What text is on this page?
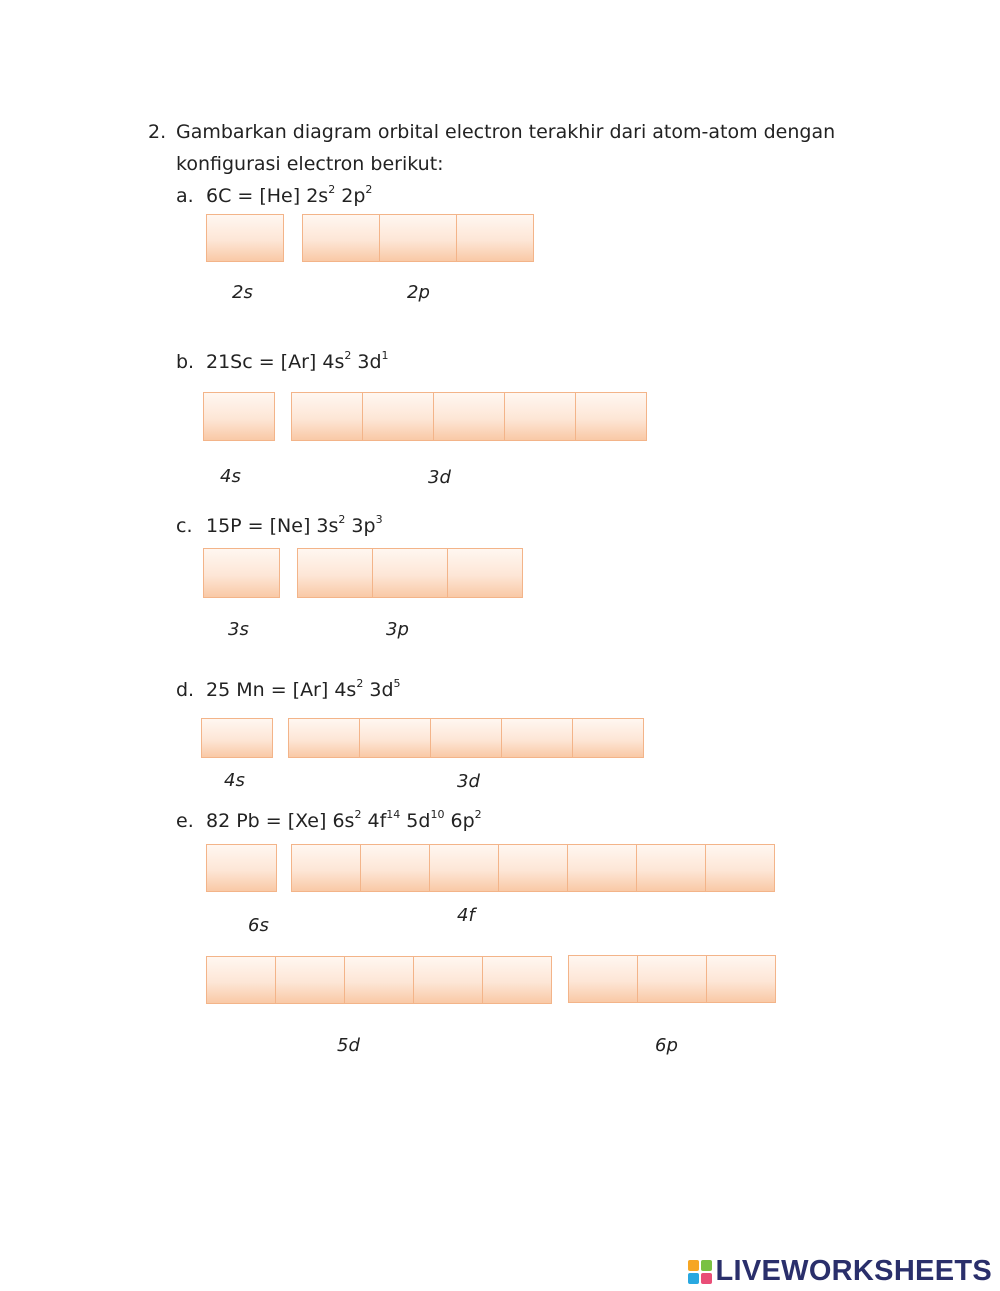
2. Gambarkan diagram orbital electron terakhir dari atom-atom dengan
konfigurasi electron berikut:
a. 6C = [He] $2s^2$ $2p^2$
2s	2p
b. 21Sc = [Ar] $4s^2$ $3d^1$
4s	3d
c. 15P = [Ne] $3s^2$ $3p^3$
3s	3p
d. 25 Mn = [Ar] $4s^2$ $3d^5$
4s	3d
e. 82 Pb = [Xe] $6s^2$ $4f^{14}$ $5d^{10}$ $6p^2$
6s	4f
5d	6p
LIVEWORKSHEETS
